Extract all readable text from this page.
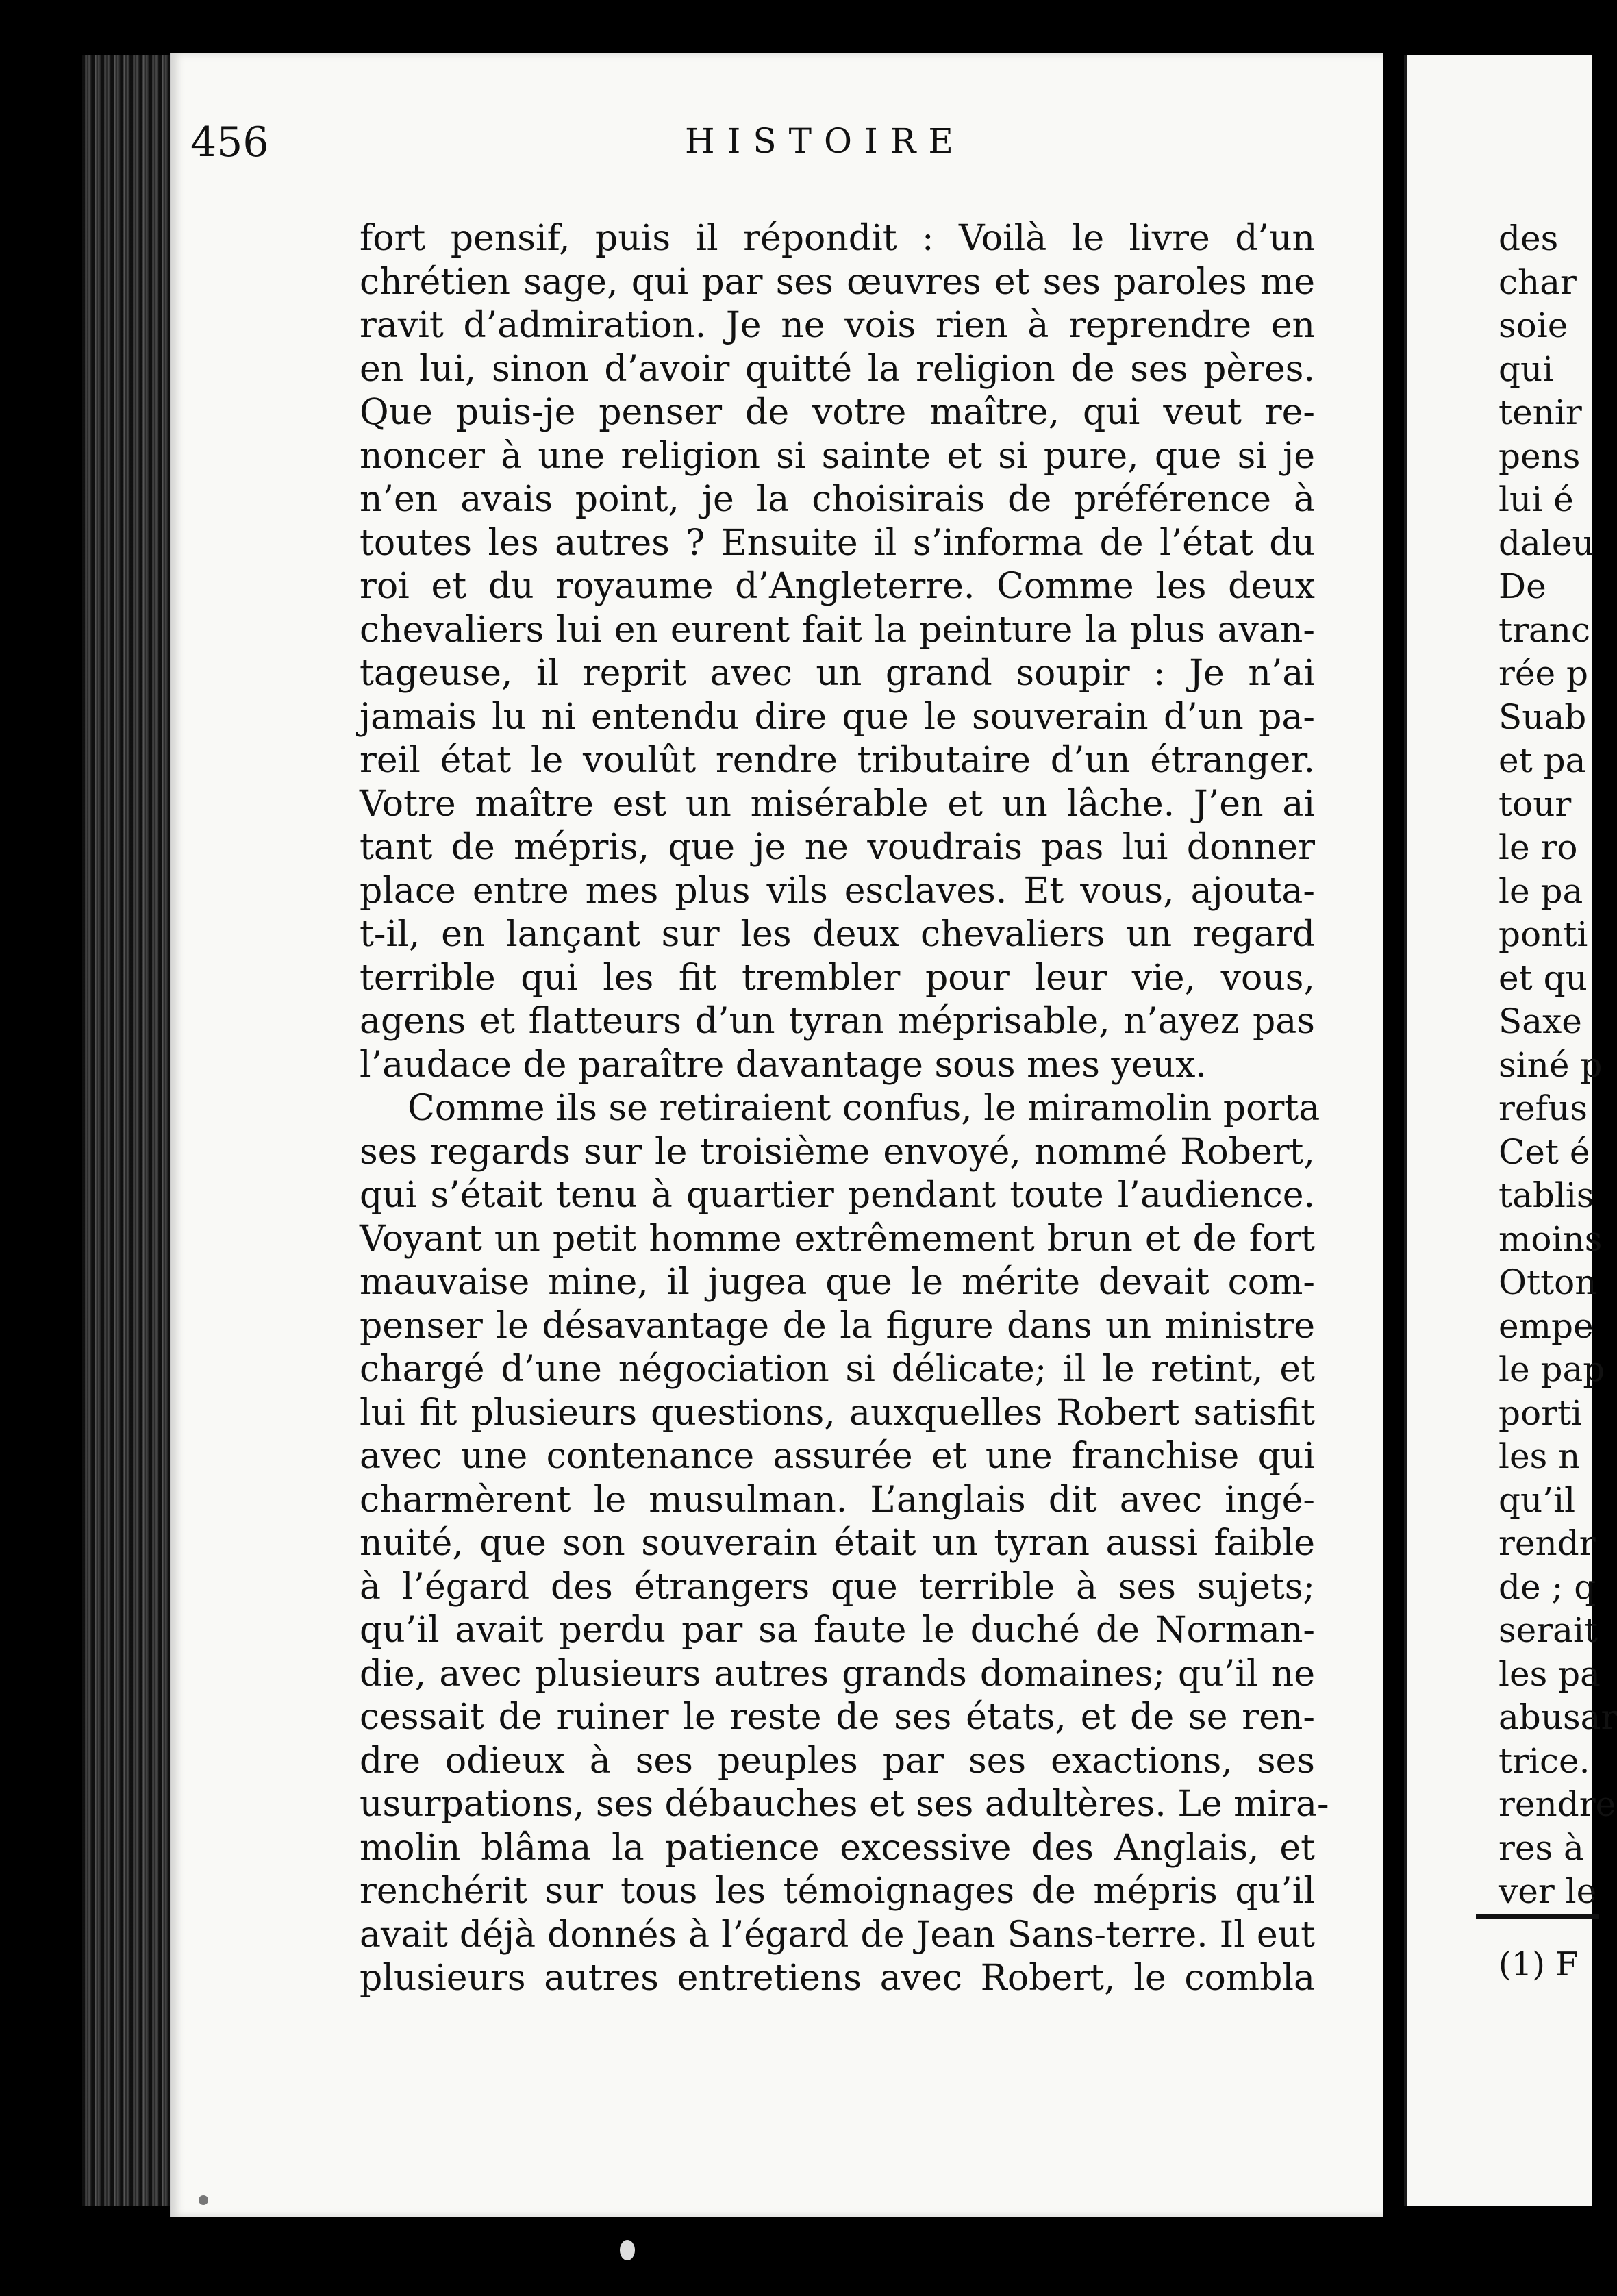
456	HISTOIRE
fort pensif, puis il répondit : Voilà le livre d’un
chrétien sage, qui par ses œuvres et ses paroles me
ravit d’admiration. Je ne vois rien à reprendre en
en lui, sinon d’avoir quitté la religion de ses pères.
Que puis-je penser de votre maître, qui veut re-
noncer à une religion si sainte et si pure, que si je
n’en avais point, je la choisirais de préférence à
toutes les autres ? Ensuite il s’informa de l’état du
roi et du royaume d’Angleterre. Comme les deux
chevaliers lui en eurent fait la peinture la plus avan-
tageuse, il reprit avec un grand soupir : Je n’ai
jamais lu ni entendu dire que le souverain d’un pa-
reil état le voulût rendre tributaire d’un étranger.
Votre maître est un misérable et un lâche. J’en ai
tant de mépris, que je ne voudrais pas lui donner
place entre mes plus vils esclaves. Et vous, ajouta-
t-il, en lançant sur les deux chevaliers un regard
terrible qui les fit trembler pour leur vie, vous,
agens et flatteurs d’un tyran méprisable, n’ayez pas
l’audace de paraître davantage sous mes yeux.
Comme ils se retiraient confus, le miramolin porta
ses regards sur le troisième envoyé, nommé Robert,
qui s’était tenu à quartier pendant toute l’audience.
Voyant un petit homme extrêmement brun et de fort
mauvaise mine, il jugea que le mérite devait com-
penser le désavantage de la figure dans un ministre
chargé d’une négociation si délicate; il le retint, et
lui fit plusieurs questions, auxquelles Robert satisfit
avec une contenance assurée et une franchise qui
charmèrent le musulman. L’anglais dit avec ingé-
nuité, que son souverain était un tyran aussi faible
à l’égard des étrangers que terrible à ses sujets;
qu’il avait perdu par sa faute le duché de Norman-
die, avec plusieurs autres grands domaines; qu’il ne
cessait de ruiner le reste de ses états, et de se ren-
dre odieux à ses peuples par ses exactions, ses
usurpations, ses débauches et ses adultères. Le mira-
molin blâma la patience excessive des Anglais, et
renchérit sur tous les témoignages de mépris qu’il
avait déjà donnés à l’égard de Jean Sans-terre. Il eut
plusieurs autres entretiens avec Robert, le combla
des
char
soie
qui
tenir
pens
lui é
daleu
De
tranc
rée p
Suab
et pa
tour
le ro
le pa
ponti
et qu
Saxe
siné p
refus
Cet é
tablis
moins
Otton
empe
le pap
porti
les n
qu’il
rendr
de ; q
serait
les pa
abusar
trice.
rendre
res à
ver le
(1) F
